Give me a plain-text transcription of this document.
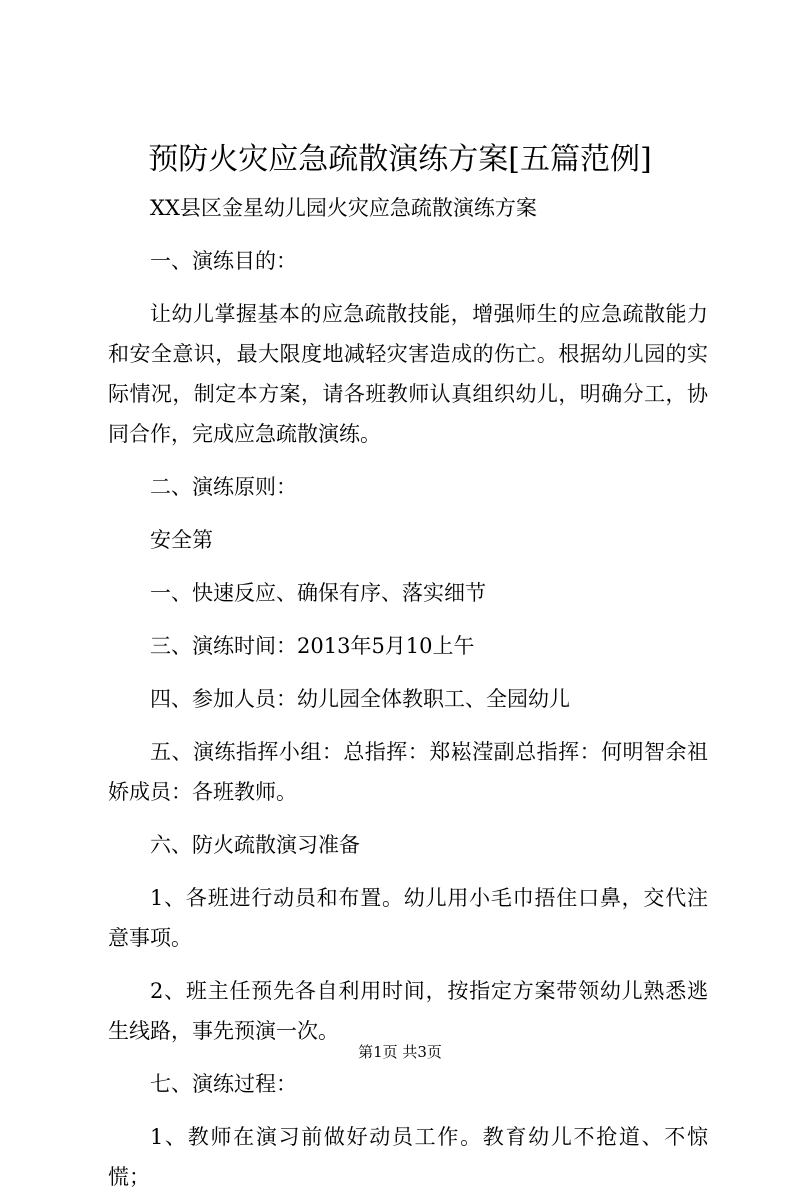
预防火灾应急疏散演练方案[五篇范例]

XX县区金星幼儿园火灾应急疏散演练方案

一、演练目的：

让幼儿掌握基本的应急疏散技能，增强师生的应急疏散能力和安全意识，最大限度地减轻灾害造成的伤亡。根据幼儿园的实际情况，制定本方案，请各班教师认真组织幼儿，明确分工，协同合作，完成应急疏散演练。

二、演练原则：

安全第

一、快速反应、确保有序、落实细节

三、演练时间：2013年5月10上午

四、参加人员：幼儿园全体教职工、全园幼儿

五、演练指挥小组：总指挥：郑崧滢副总指挥：何明智余祖娇成员：各班教师。

六、防火疏散演习准备

1、各班进行动员和布置。幼儿用小毛巾捂住口鼻，交代注意事项。

2、班主任预先各自利用时间，按指定方案带领幼儿熟悉逃生线路，事先预演一次。

七、演练过程：

1、教师在演习前做好动员工作。教育幼儿不抢道、不惊慌；

第1页 共3页
